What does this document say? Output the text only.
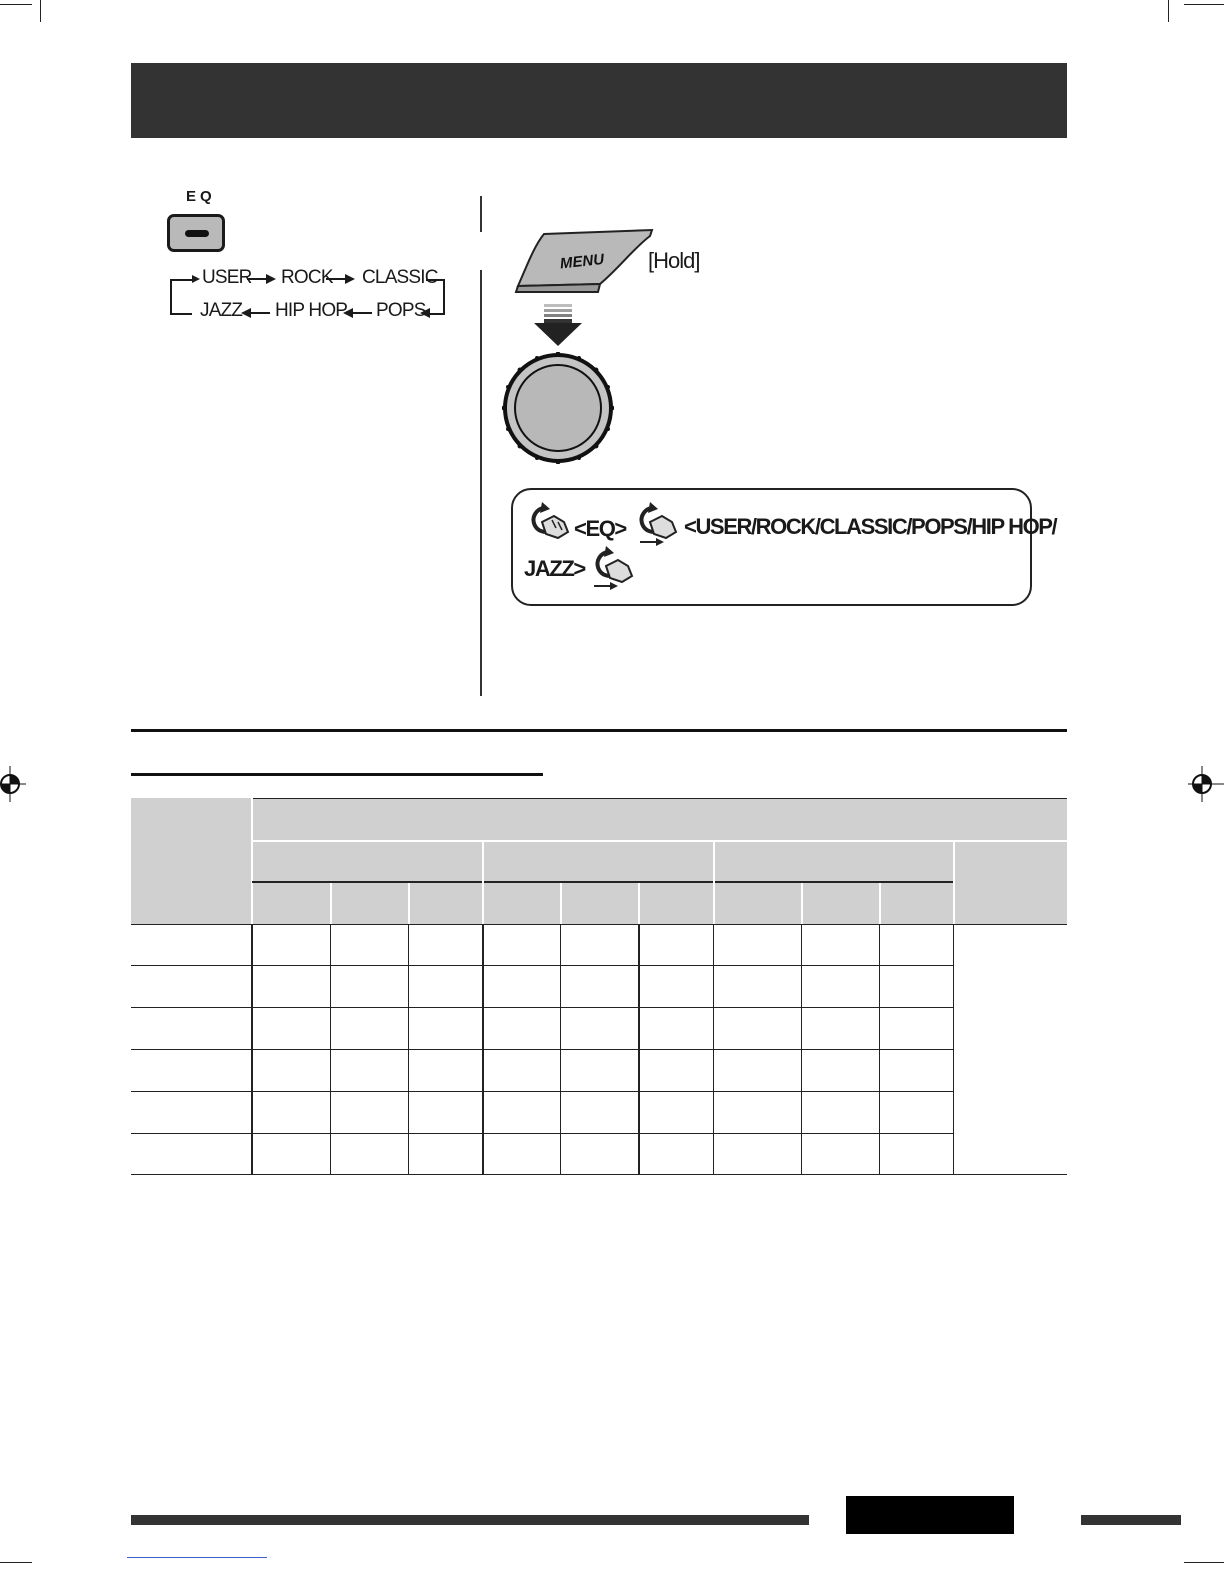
EQ
USER ROCK CLASSIC
JAZZ HIP HOP POPS
MENU [Hold]
<EQ>	<USER/ROCK/CLASSIC/POPS/HIP HOP/
JAZZ>
